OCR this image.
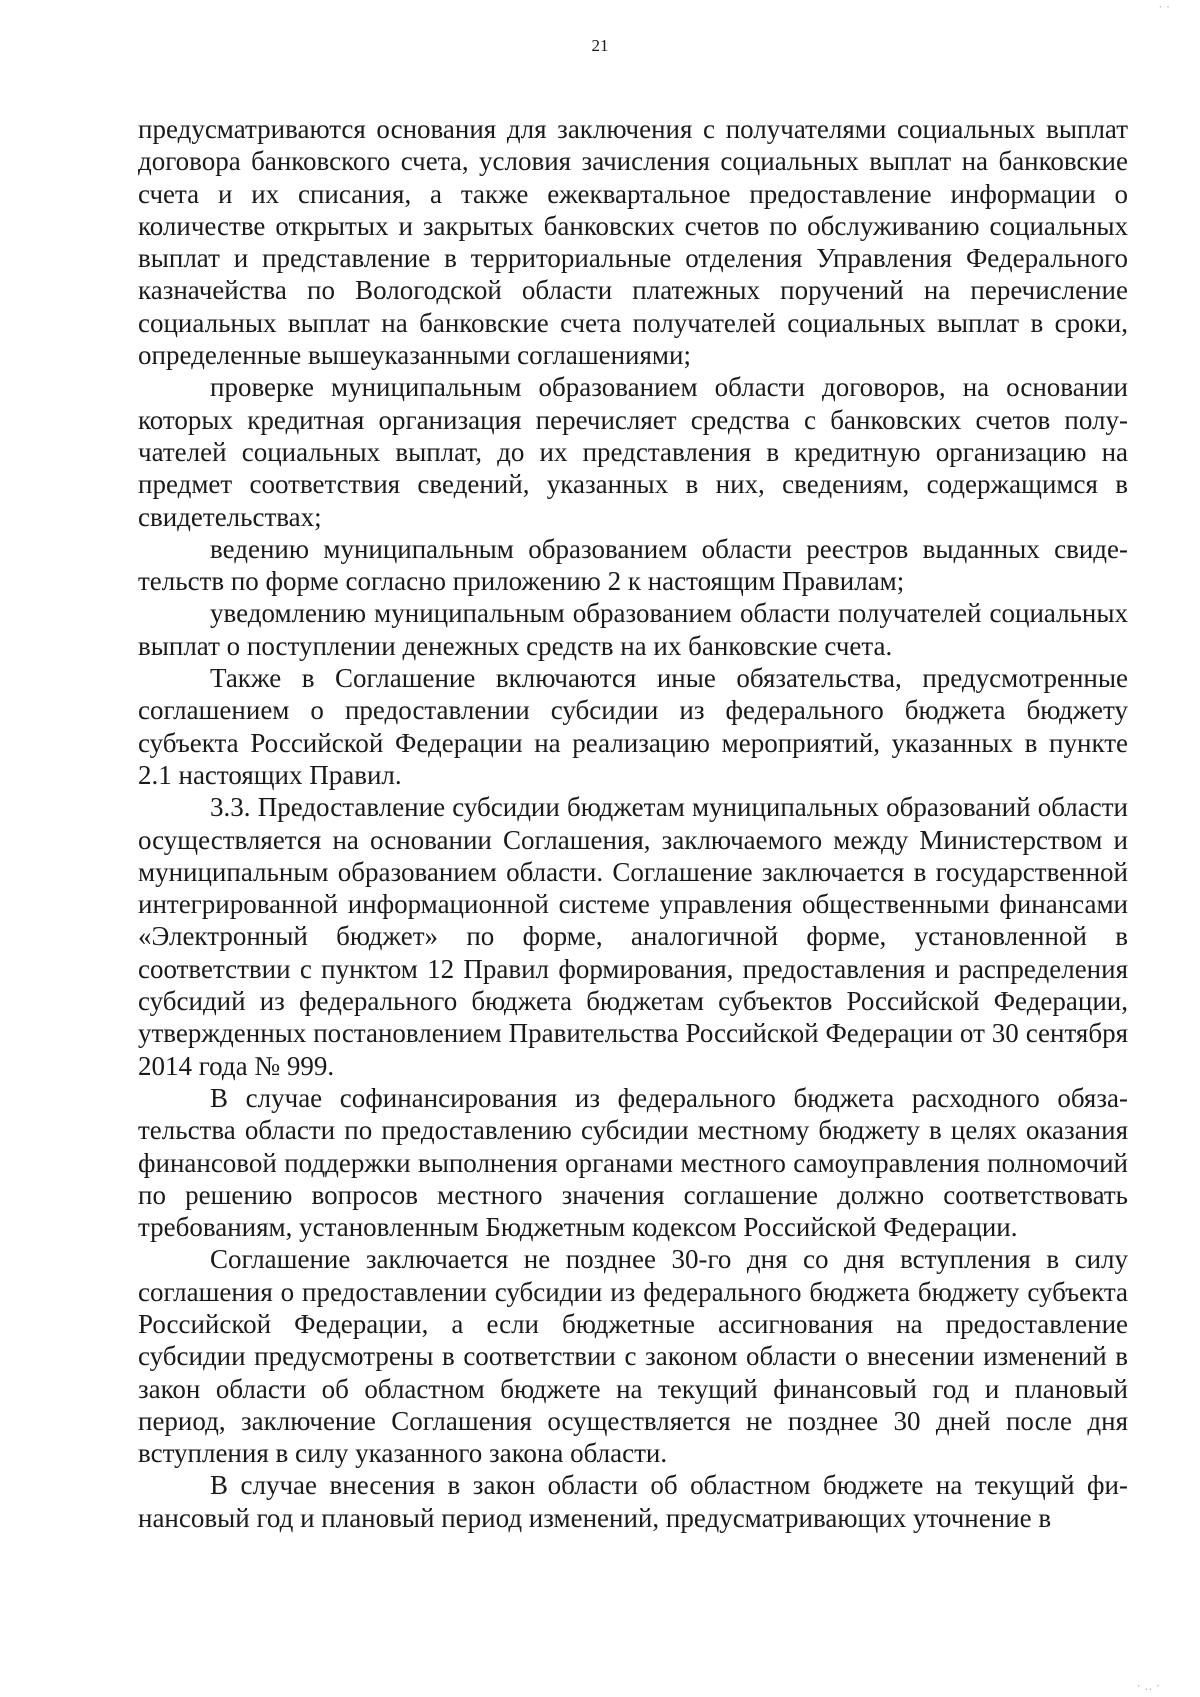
21

предусматриваются основания для заключения с получателями социальных выплат договора банковского счета, условия зачисления социальных выплат на банковские счета и их списания, а также ежеквартальное предоставление информации о количестве открытых и закрытых банковских счетов по обслуживанию социальных выплат и представление в территориальные отделения Управления Федерального казначейства по Вологодской области платежных поручений на перечисление социальных выплат на банковские счета получателей социальных выплат в сроки, определенные вышеуказанными соглашениями;

проверке муниципальным образованием области договоров, на основании которых кредитная организация перечисляет средства с банковских счетов получателей социальных выплат, до их представления в кредитную организацию на предмет соответствия сведений, указанных в них, сведениям, содержащимся в свидетельствах;

ведению муниципальным образованием области реестров выданных свидетельств по форме согласно приложению 2 к настоящим Правилам;

уведомлению муниципальным образованием области получателей социальных выплат о поступлении денежных средств на их банковские счета.

Также в Соглашение включаются иные обязательства, предусмотренные соглашением о предоставлении субсидии из федерального бюджета бюджету субъекта Российской Федерации на реализацию мероприятий, указанных в пункте 2.1 настоящих Правил.

3.3. Предоставление субсидии бюджетам муниципальных образований области осуществляется на основании Соглашения, заключаемого между Министерством и муниципальным образованием области. Соглашение заключается в государственной интегрированной информационной системе управления общественными финансами «Электронный бюджет» по форме, аналогичной форме, установленной в соответствии с пунктом 12 Правил формирования, предоставления и распределения субсидий из федерального бюджета бюджетам субъектов Российской Федерации, утвержденных постановлением Правительства Российской Федерации от 30 сентября 2014 года № 999.

В случае софинансирования из федерального бюджета расходного обязательства области по предоставлению субсидии местному бюджету в целях оказания финансовой поддержки выполнения органами местного самоуправления полномочий по решению вопросов местного значения соглашение должно соответствовать требованиям, установленным Бюджетным кодексом Российской Федерации.

Соглашение заключается не позднее 30-го дня со дня вступления в силу соглашения о предоставлении субсидии из федерального бюджета бюджету субъекта Российской Федерации, а если бюджетные ассигнования на предоставление субсидии предусмотрены в соответствии с законом области о внесении изменений в закон области об областном бюджете на текущий финансовый год и плановый период, заключение Соглашения осуществляется не позднее 30 дней после дня вступления в силу указанного закона области.

В случае внесения в закон области об областном бюджете на текущий финансовый год и плановый период изменений, предусматривающих уточнение в

· ·
· ‥ ·
